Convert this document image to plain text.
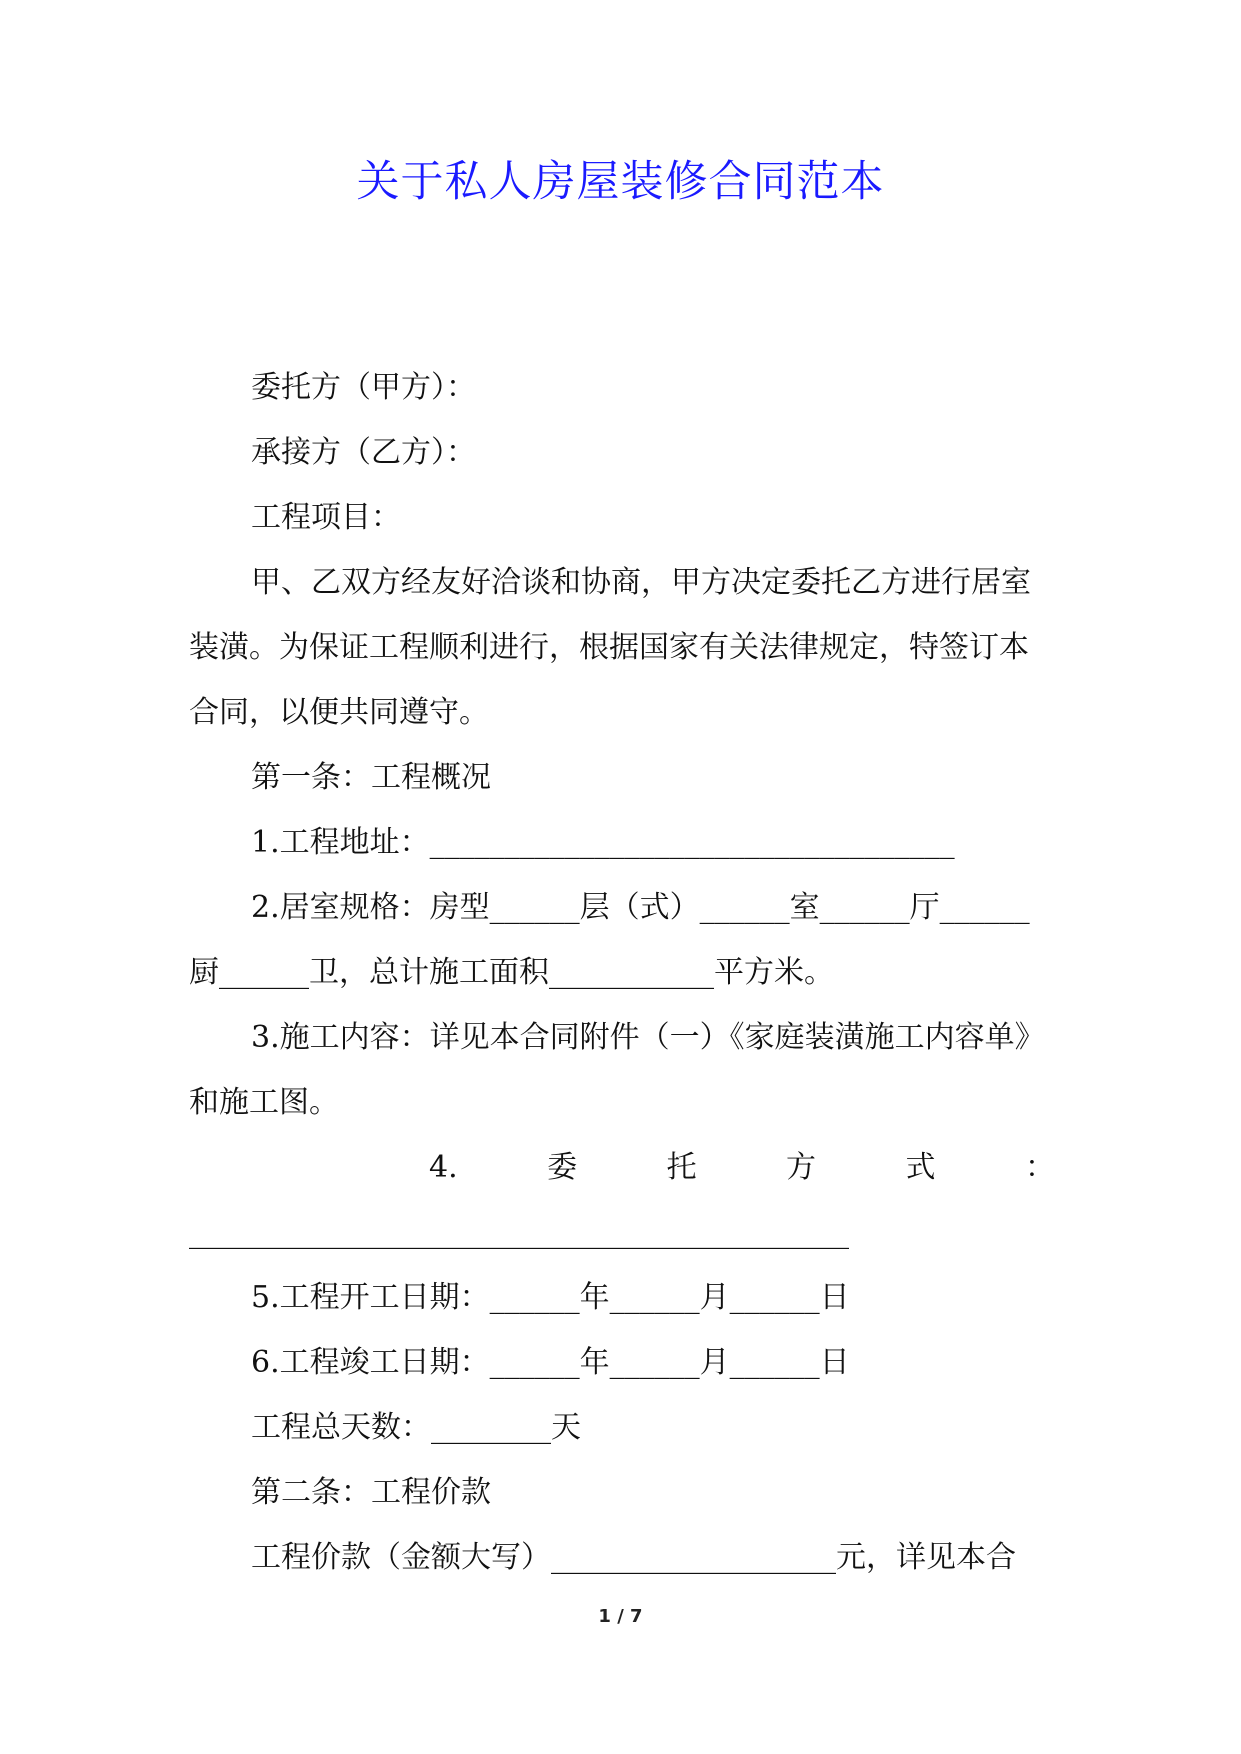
关于私人房屋装修合同范本
委托方（甲方）：
承接方（乙方）：
工程项目：
甲、乙双方经友好洽谈和协商，甲方决定委托乙方进行居室
装潢。为保证工程顺利进行，根据国家有关法律规定，特签订本
合同，以便共同遵守。
第一条：工程概况
1.工程地址：___________________________________
2.居室规格：房型______层（式）______室______厅______
厨______卫，总计施工面积___________平方米。
3.施工内容：详见本合同附件（一）《家庭装潢施工内容单》
和施工图。
4.	委	托	方	式	：
____________________________________________
5.工程开工日期：______年______月______日
6.工程竣工日期：______年______月______日
工程总天数：________天
第二条：工程价款
工程价款（金额大写）___________________元，详见本合
1 / 7
